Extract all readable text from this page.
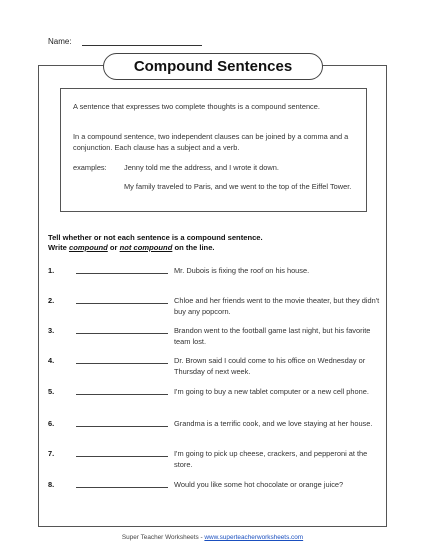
Name:
Compound Sentences
A sentence that expresses two complete thoughts is a compound sentence.
In a compound sentence, two independent clauses can be joined by a comma and a conjunction. Each clause has a subject and a verb.
examples: Jenny told me the address, and I wrote it down.
My family traveled to Paris, and we went to the top of the Eiffel Tower.
Tell whether or not each sentence is a compound sentence.
Write compound or not compound on the line.
1.	Mr. Dubois is fixing the roof on his house.
2.	Chloe and her friends went to the movie theater, but they didn't buy any popcorn.
3.	Brandon went to the football game last night, but his favorite team lost.
4.	Dr. Brown said I could come to his office on Wednesday or Thursday of next week.
5.	I'm going to buy a new tablet computer or a new cell phone.
6.	Grandma is a terrific cook, and we love staying at her house.
7.	I'm going to pick up cheese, crackers, and pepperoni at the store.
8.	Would you like some hot chocolate or orange juice?
Super Teacher Worksheets - www.superteacherworksheets.com
